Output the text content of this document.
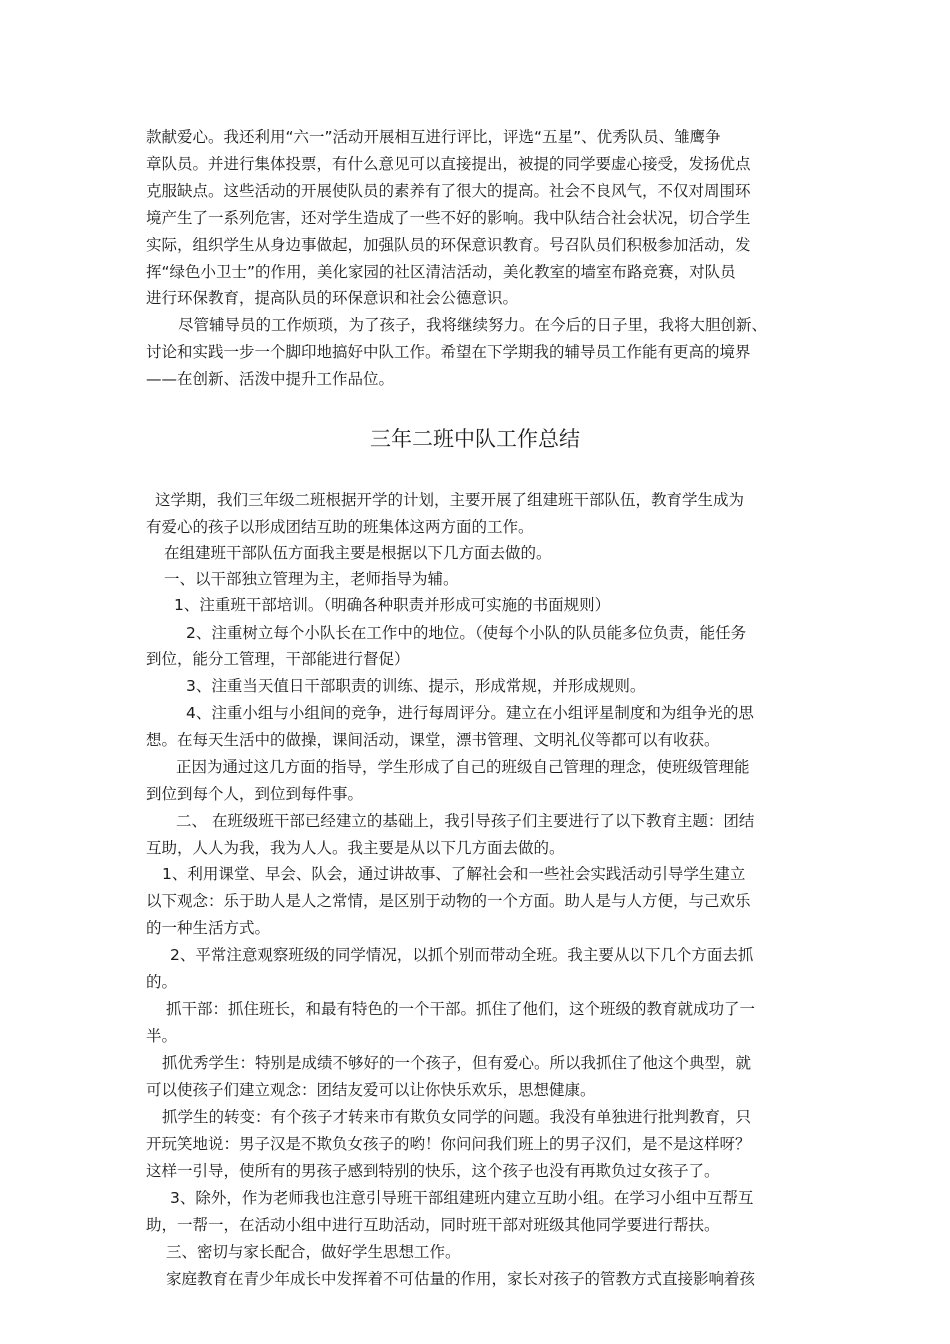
款献爱心。我还利用“六一”活动开展相互进行评比，评选“五星”、优秀队员、雏鹰争
章队员。并进行集体投票，有什么意见可以直接提出，被提的同学要虚心接受，发扬优点
克服缺点。这些活动的开展使队员的素养有了很大的提高。社会不良风气，不仅对周围环
境产生了一系列危害，还对学生造成了一些不好的影响。我中队结合社会状况，切合学生
实际，组织学生从身边事做起，加强队员的环保意识教育。号召队员们积极参加活动，发
挥“绿色小卫士”的作用，美化家园的社区清洁活动，美化教室的墙室布路竞赛，对队员
进行环保教育，提高队员的环保意识和社会公德意识。
尽管辅导员的工作烦琐，为了孩子，我将继续努力。在今后的日子里，我将大胆创新、
讨论和实践一步一个脚印地搞好中队工作。希望在下学期我的辅导员工作能有更高的境界
——在创新、活泼中提升工作品位。
三年二班中队工作总结
这学期，我们三年级二班根据开学的计划，主要开展了组建班干部队伍，教育学生成为
有爱心的孩子以形成团结互助的班集体这两方面的工作。
在组建班干部队伍方面我主要是根据以下几方面去做的。
一、以干部独立管理为主，老师指导为辅。
1、注重班干部培训。（明确各种职责并形成可实施的书面规则）
2、注重树立每个小队长在工作中的地位。（使每个小队的队员能多位负责，能任务
到位，能分工管理，干部能进行督促）
3、注重当天值日干部职责的训练、提示，形成常规，并形成规则。
4、注重小组与小组间的竞争，进行每周评分。建立在小组评星制度和为组争光的思
想。在每天生活中的做操，课间活动，课堂，漂书管理、文明礼仪等都可以有收获。
正因为通过这几方面的指导，学生形成了自己的班级自己管理的理念，使班级管理能
到位到每个人，到位到每件事。
二、 在班级班干部已经建立的基础上，我引导孩子们主要进行了以下教育主题：团结
互助，人人为我，我为人人。我主要是从以下几方面去做的。
1、利用课堂、早会、队会，通过讲故事、了解社会和一些社会实践活动引导学生建立
以下观念：乐于助人是人之常情，是区别于动物的一个方面。助人是与人方便，与己欢乐
的一种生活方式。
2、平常注意观察班级的同学情况，以抓个别而带动全班。我主要从以下几个方面去抓
的。
抓干部：抓住班长，和最有特色的一个干部。抓住了他们，这个班级的教育就成功了一
半。
抓优秀学生：特别是成绩不够好的一个孩子，但有爱心。所以我抓住了他这个典型，就
可以使孩子们建立观念：团结友爱可以让你快乐欢乐，思想健康。
抓学生的转变：有个孩子才转来市有欺负女同学的问题。我没有单独进行批判教育，只
开玩笑地说：男子汉是不欺负女孩子的哟！你问问我们班上的男子汉们，是不是这样呀？
这样一引导，使所有的男孩子感到特别的快乐，这个孩子也没有再欺负过女孩子了。
3、除外，作为老师我也注意引导班干部组建班内建立互助小组。在学习小组中互帮互
助，一帮一，在活动小组中进行互助活动，同时班干部对班级其他同学要进行帮扶。
三、密切与家长配合，做好学生思想工作。
家庭教育在青少年成长中发挥着不可估量的作用，家长对孩子的管教方式直接影响着孩
